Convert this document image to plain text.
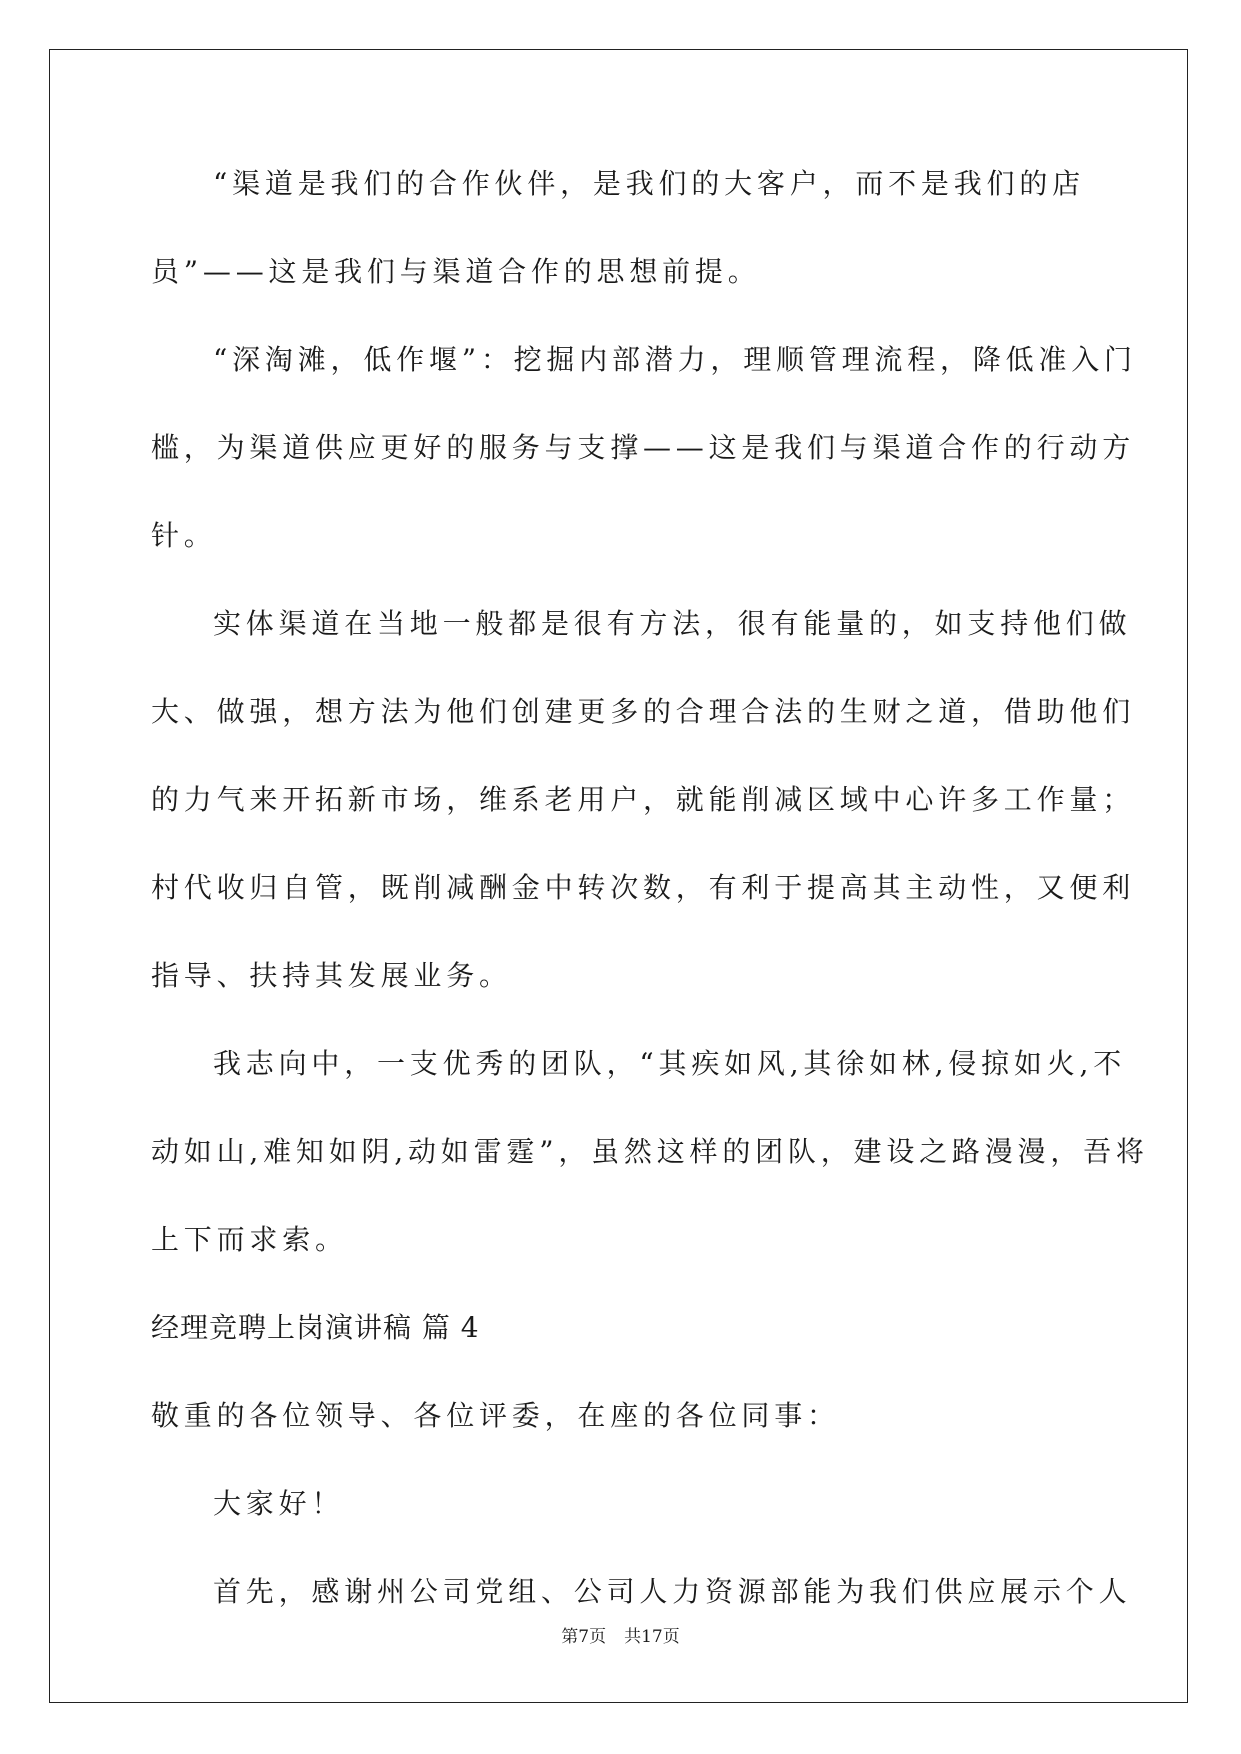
“渠道是我们的合作伙伴，是我们的大客户，而不是我们的店
员”——这是我们与渠道合作的思想前提。
“深淘滩，低作堰”：挖掘内部潜力，理顺管理流程，降低准入门
槛，为渠道供应更好的服务与支撑——这是我们与渠道合作的行动方
针。
实体渠道在当地一般都是很有方法，很有能量的，如支持他们做
大、做强，想方法为他们创建更多的合理合法的生财之道，借助他们
的力气来开拓新市场，维系老用户，就能削减区域中心许多工作量；
村代收归自管，既削减酬金中转次数，有利于提高其主动性，又便利
指导、扶持其发展业务。
我志向中，一支优秀的团队，“其疾如风,其徐如林,侵掠如火,不
动如山,难知如阴,动如雷霆”，虽然这样的团队，建设之路漫漫，吾将
上下而求索。
经理竞聘上岗演讲稿 篇 4
敬重的各位领导、各位评委，在座的各位同事：
大家好！
首先，感谢州公司党组、公司人力资源部能为我们供应展示个人
第7页 共17页
